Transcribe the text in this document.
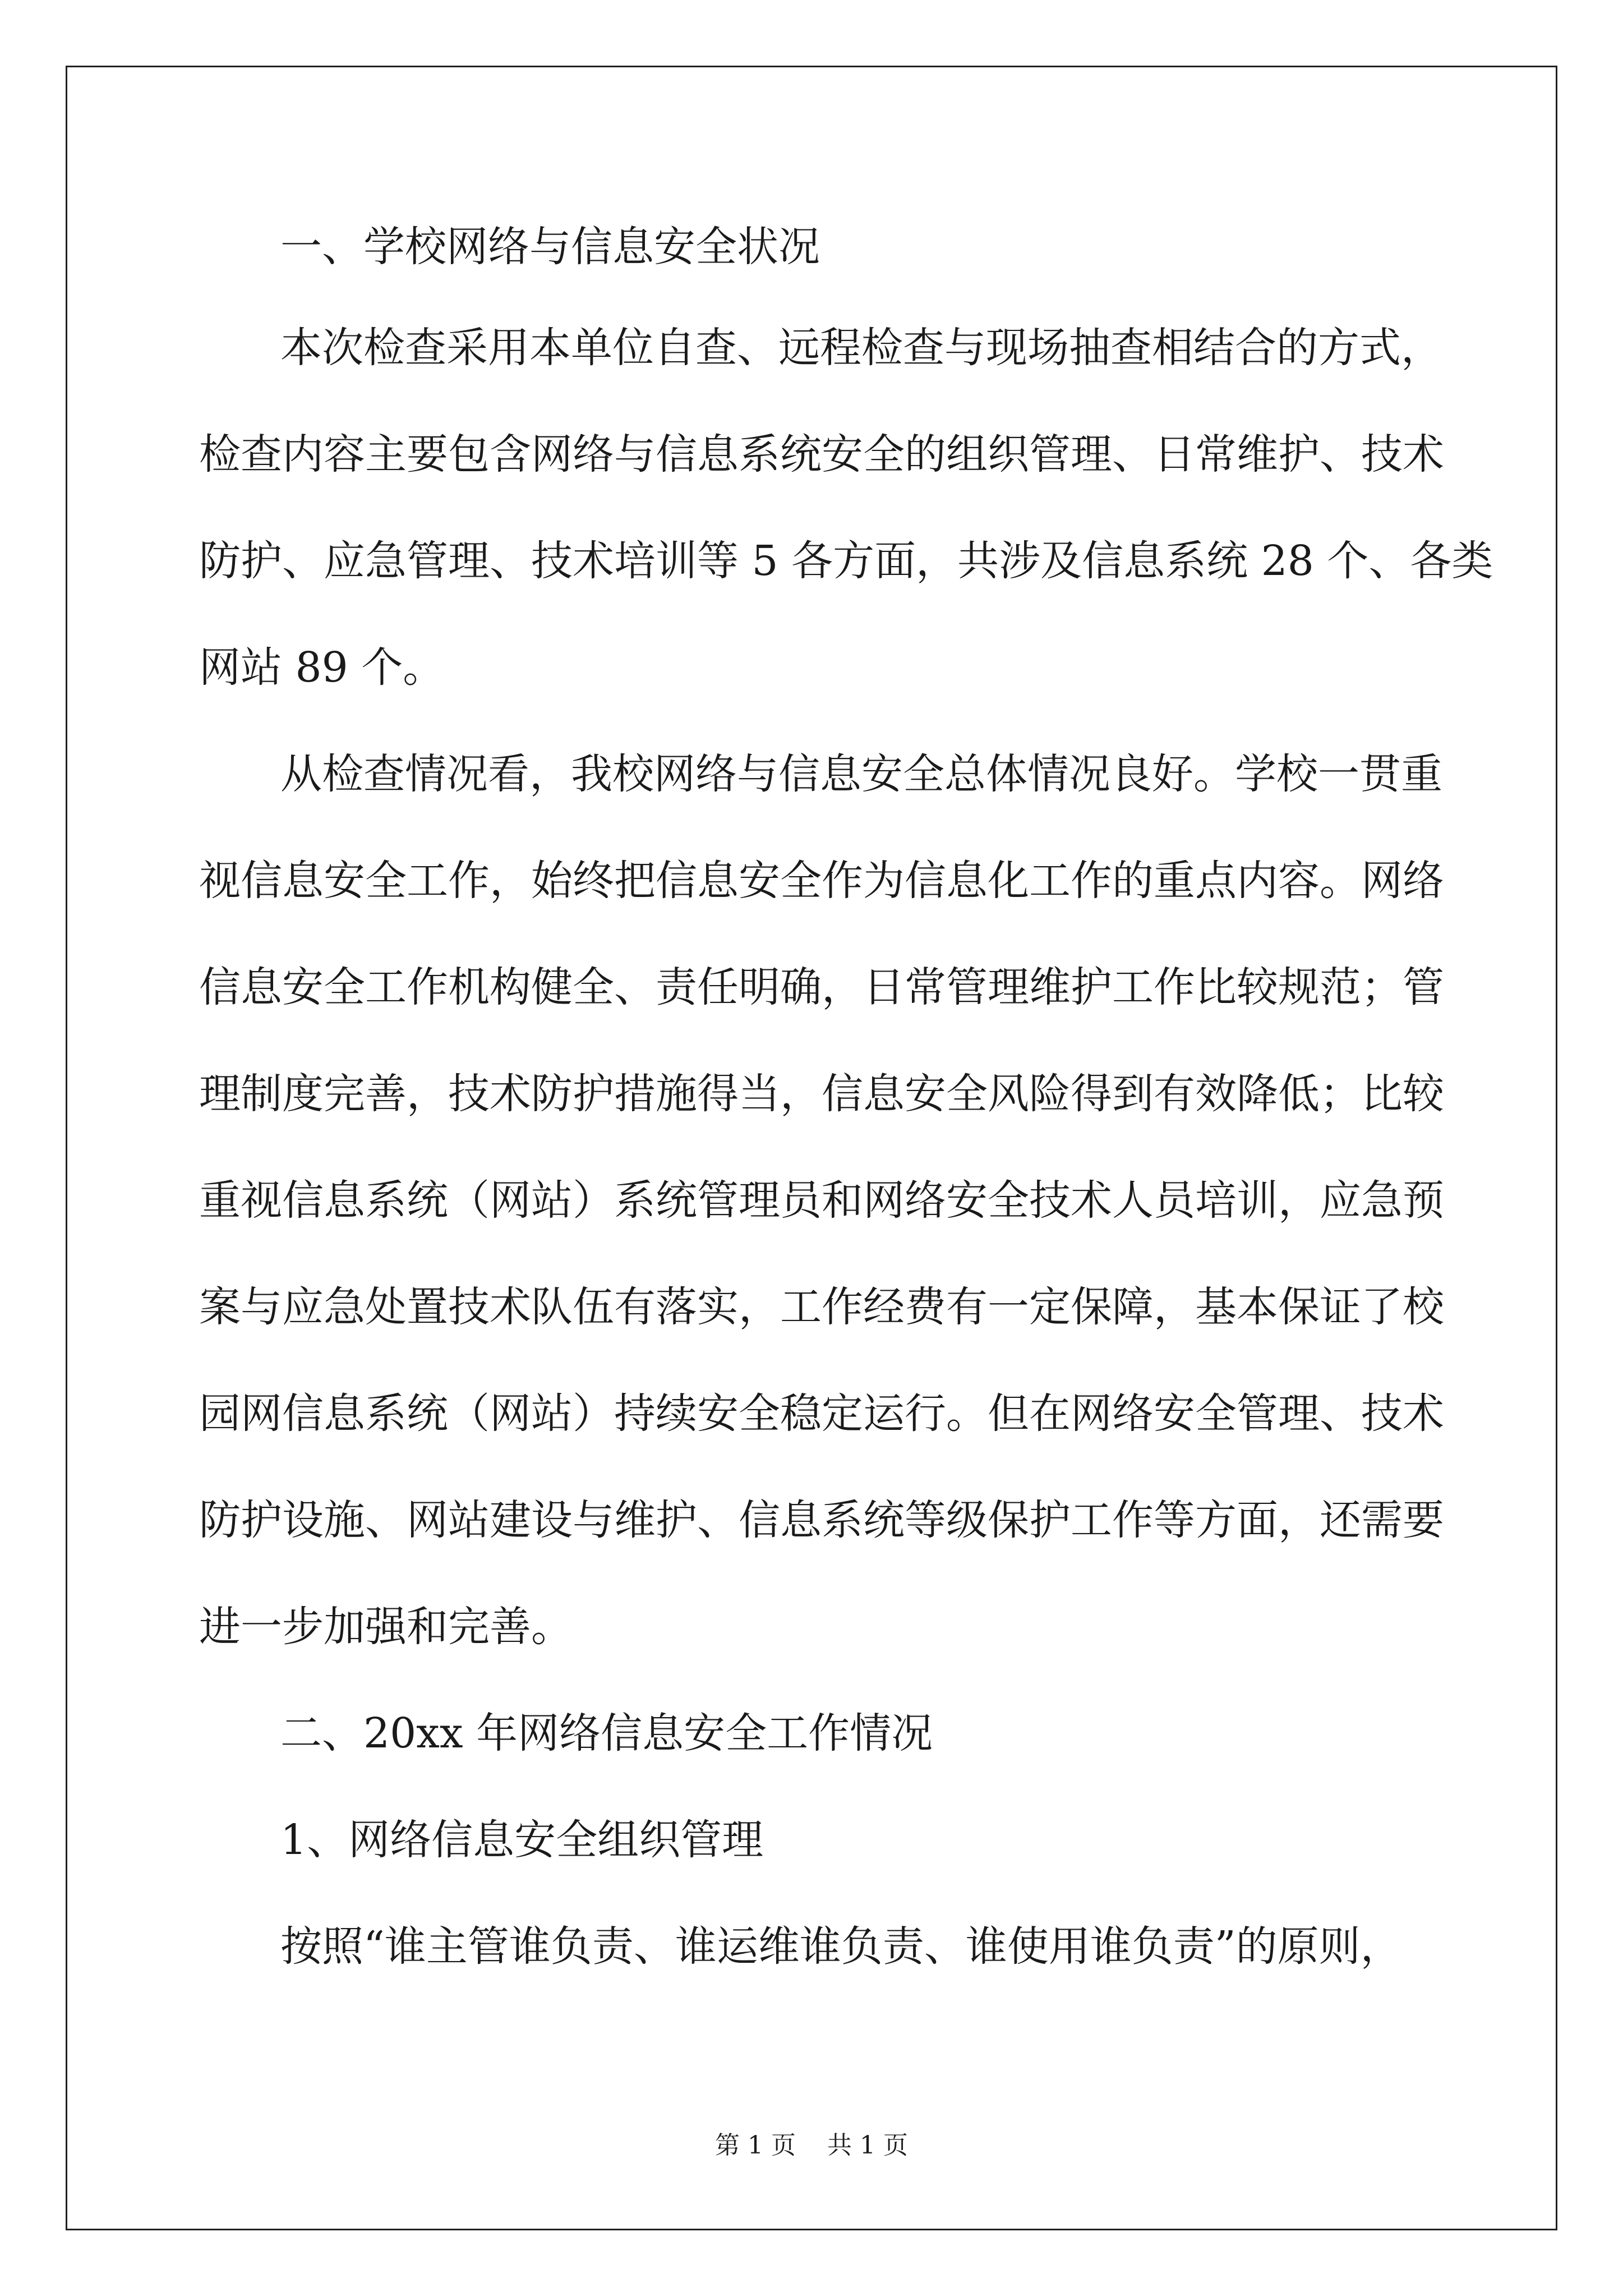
一、学校网络与信息安全状况
本次检查采用本单位自查、远程检查与现场抽查相结合的方式，
检查内容主要包含网络与信息系统安全的组织管理、日常维护、技术
防护、应急管理、技术培训等 5 各方面，共涉及信息系统 28 个、各类
网站 89 个。
从检查情况看，我校网络与信息安全总体情况良好。学校一贯重
视信息安全工作，始终把信息安全作为信息化工作的重点内容。网络
信息安全工作机构健全、责任明确，日常管理维护工作比较规范；管
理制度完善，技术防护措施得当，信息安全风险得到有效降低；比较
重视信息系统（网站）系统管理员和网络安全技术人员培训，应急预
案与应急处置技术队伍有落实，工作经费有一定保障，基本保证了校
园网信息系统（网站）持续安全稳定运行。但在网络安全管理、技术
防护设施、网站建设与维护、信息系统等级保护工作等方面，还需要
进一步加强和完善。
二、20xx 年网络信息安全工作情况
1、网络信息安全组织管理
按照“谁主管谁负责、谁运维谁负责、谁使用谁负责”的原则，
第 1 页 共 1 页
